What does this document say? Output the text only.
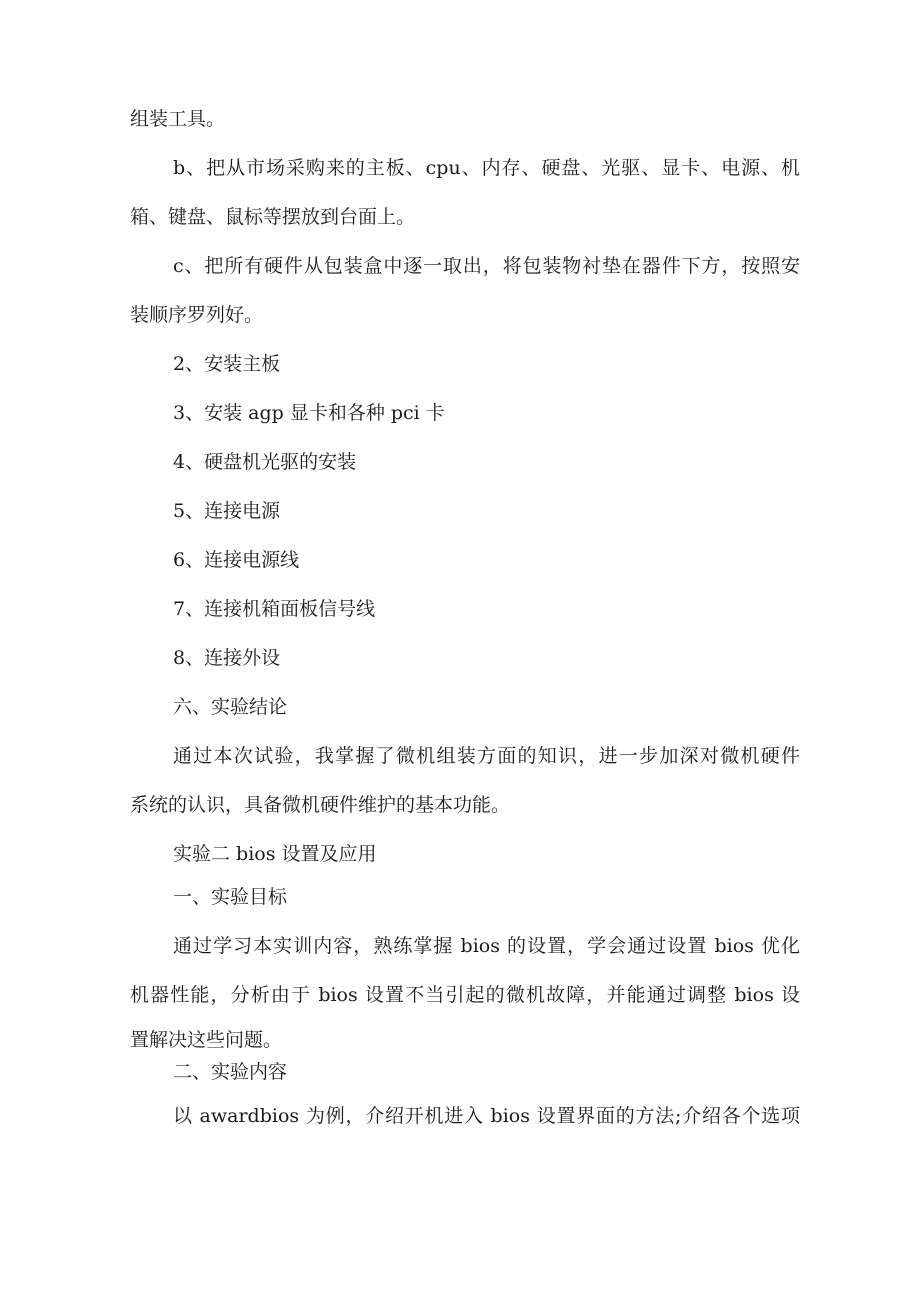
组装工具。
b、把从市场采购来的主板、cpu、内存、硬盘、光驱、显卡、电源、机
箱、键盘、鼠标等摆放到台面上。
c、把所有硬件从包装盒中逐一取出，将包装物衬垫在器件下方，按照安
装顺序罗列好。
2、安装主板
3、安装 agp 显卡和各种 pci 卡
4、硬盘机光驱的安装
5、连接电源
6、连接电源线
7、连接机箱面板信号线
8、连接外设
六、实验结论
通过本次试验，我掌握了微机组装方面的知识，进一步加深对微机硬件
系统的认识，具备微机硬件维护的基本功能。
实验二 bios 设置及应用
一、实验目标
通过学习本实训内容，熟练掌握 bios 的设置，学会通过设置 bios 优化
机器性能，分析由于 bios 设置不当引起的微机故障，并能通过调整 bios 设
置解决这些问题。
二、实验内容
以 awardbios 为例，介绍开机进入 bios 设置界面的方法;介绍各个选项
